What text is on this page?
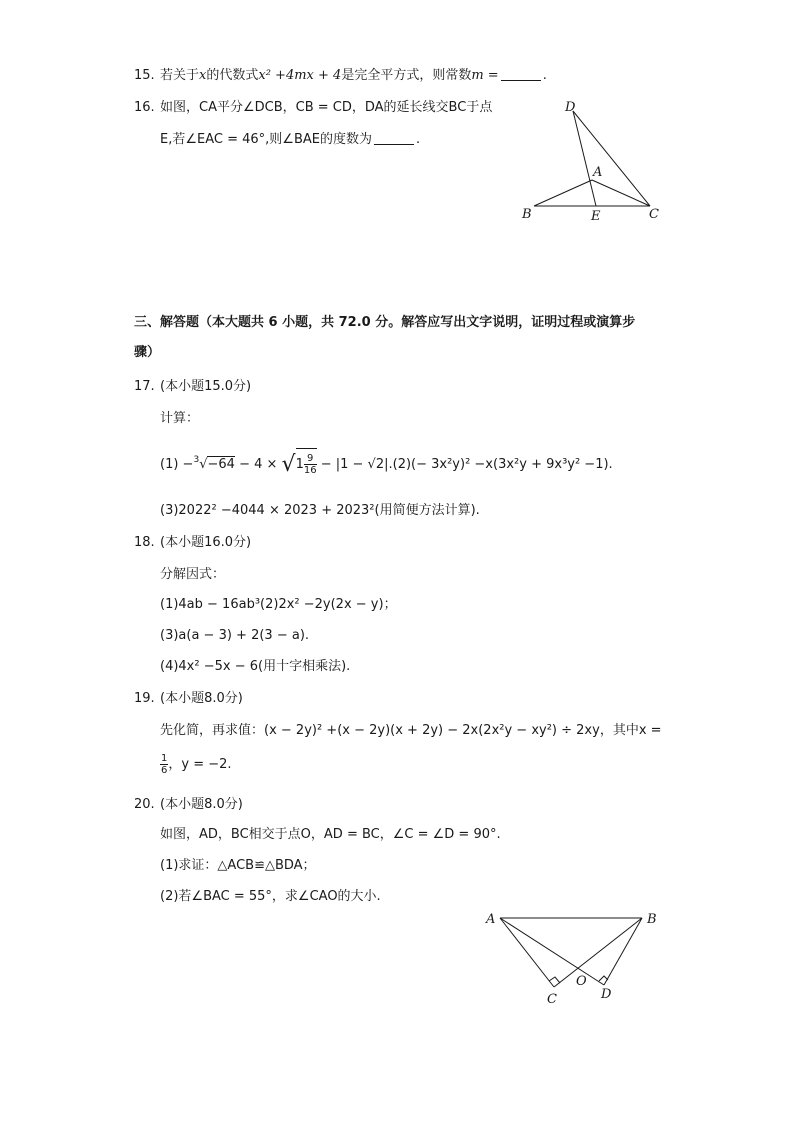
15. 若关于x的代数式x² +4mx + 4是完全平方式，则常数m =	.
16. 如图，CA平分∠DCB，CB = CD，DA的延长线交BC于点
E,若∠EAC = 46°,则∠BAE的度数为	.
D
A
B	E	C
三、解答题（本大题共 6 小题，共 72.0 分。解答应写出文字说明，证明过程或演算步
骤）
17. (本小题15.0分)
计算：
$(1) -^3√-64 - 4 \times √1 \frac{9}{16} - |1 - √2|.(2)(- 3x^2y)^2 -x(3x^2y + 9x^3y^2 -1)$.
(3)2022² −4044 × 2023 + 2023²(用简便方法计算).
18. (本小题16.0分)
分解因式：
(1)4ab − 16ab³(2)2x² −2y(2x − y)；
(3)a(a − 3) + 2(3 − a).
(4)4x² −5x − 6(用十字相乘法).
19. (本小题8.0分)
先化简，再求值：(x − 2y)² +(x − 2y)(x + 2y) − 2x(2x²y − xy²) ÷ 2xy，其中x =
$\frac{1}{6}$ ，y = −2.
20. (本小题8.0分)
如图，AD，BC相交于点O，AD = BC，∠C = ∠D = 90°.
(1)求证：△ACB≌△BDA；
(2)若∠BAC = 55°，求∠CAO的大小.
A	B
O
C	D
